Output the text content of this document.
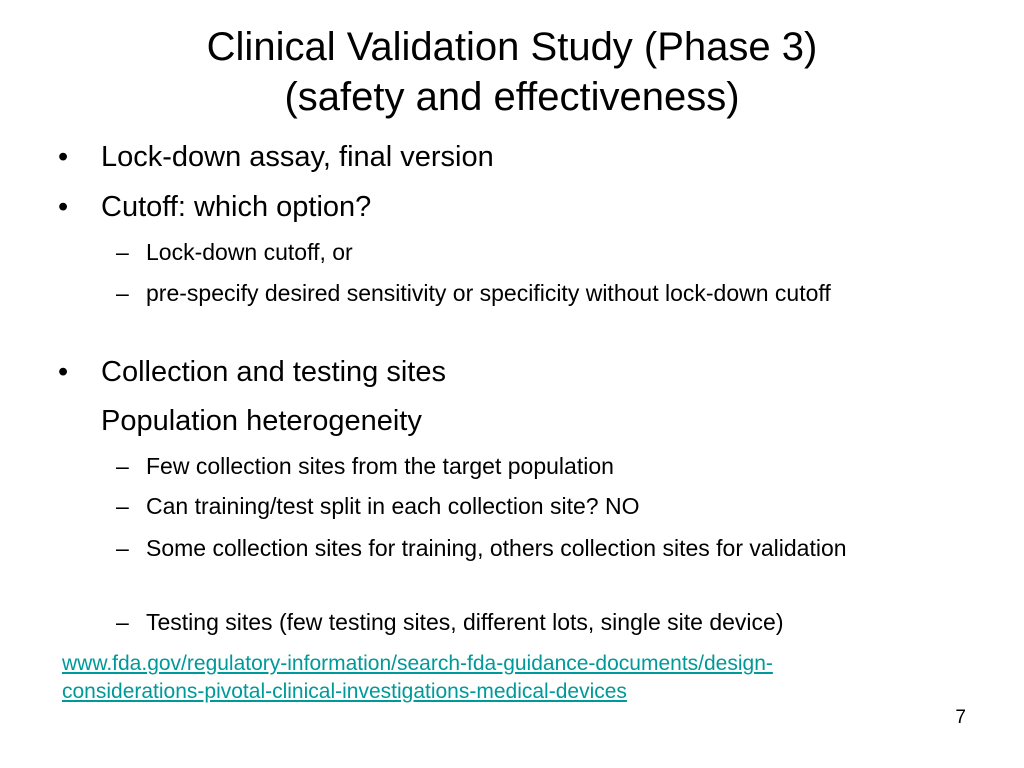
Clinical Validation Study (Phase 3)
(safety and effectiveness)
•	Lock-down assay, final version
•	Cutoff: which option?
– Lock-down cutoff, or
– pre-specify desired sensitivity or specificity without lock-down cutoff
•	Collection and testing sites
Population heterogeneity
– Few collection sites from the target population
– Can training/test split in each collection site? NO
– Some collection sites for training, others collection sites for validation
– Testing sites (few testing sites, different lots, single site device)
www.fda.gov/regulatory-information/search-fda-guidance-documents/design-
considerations-pivotal-clinical-investigations-medical-devices
7
